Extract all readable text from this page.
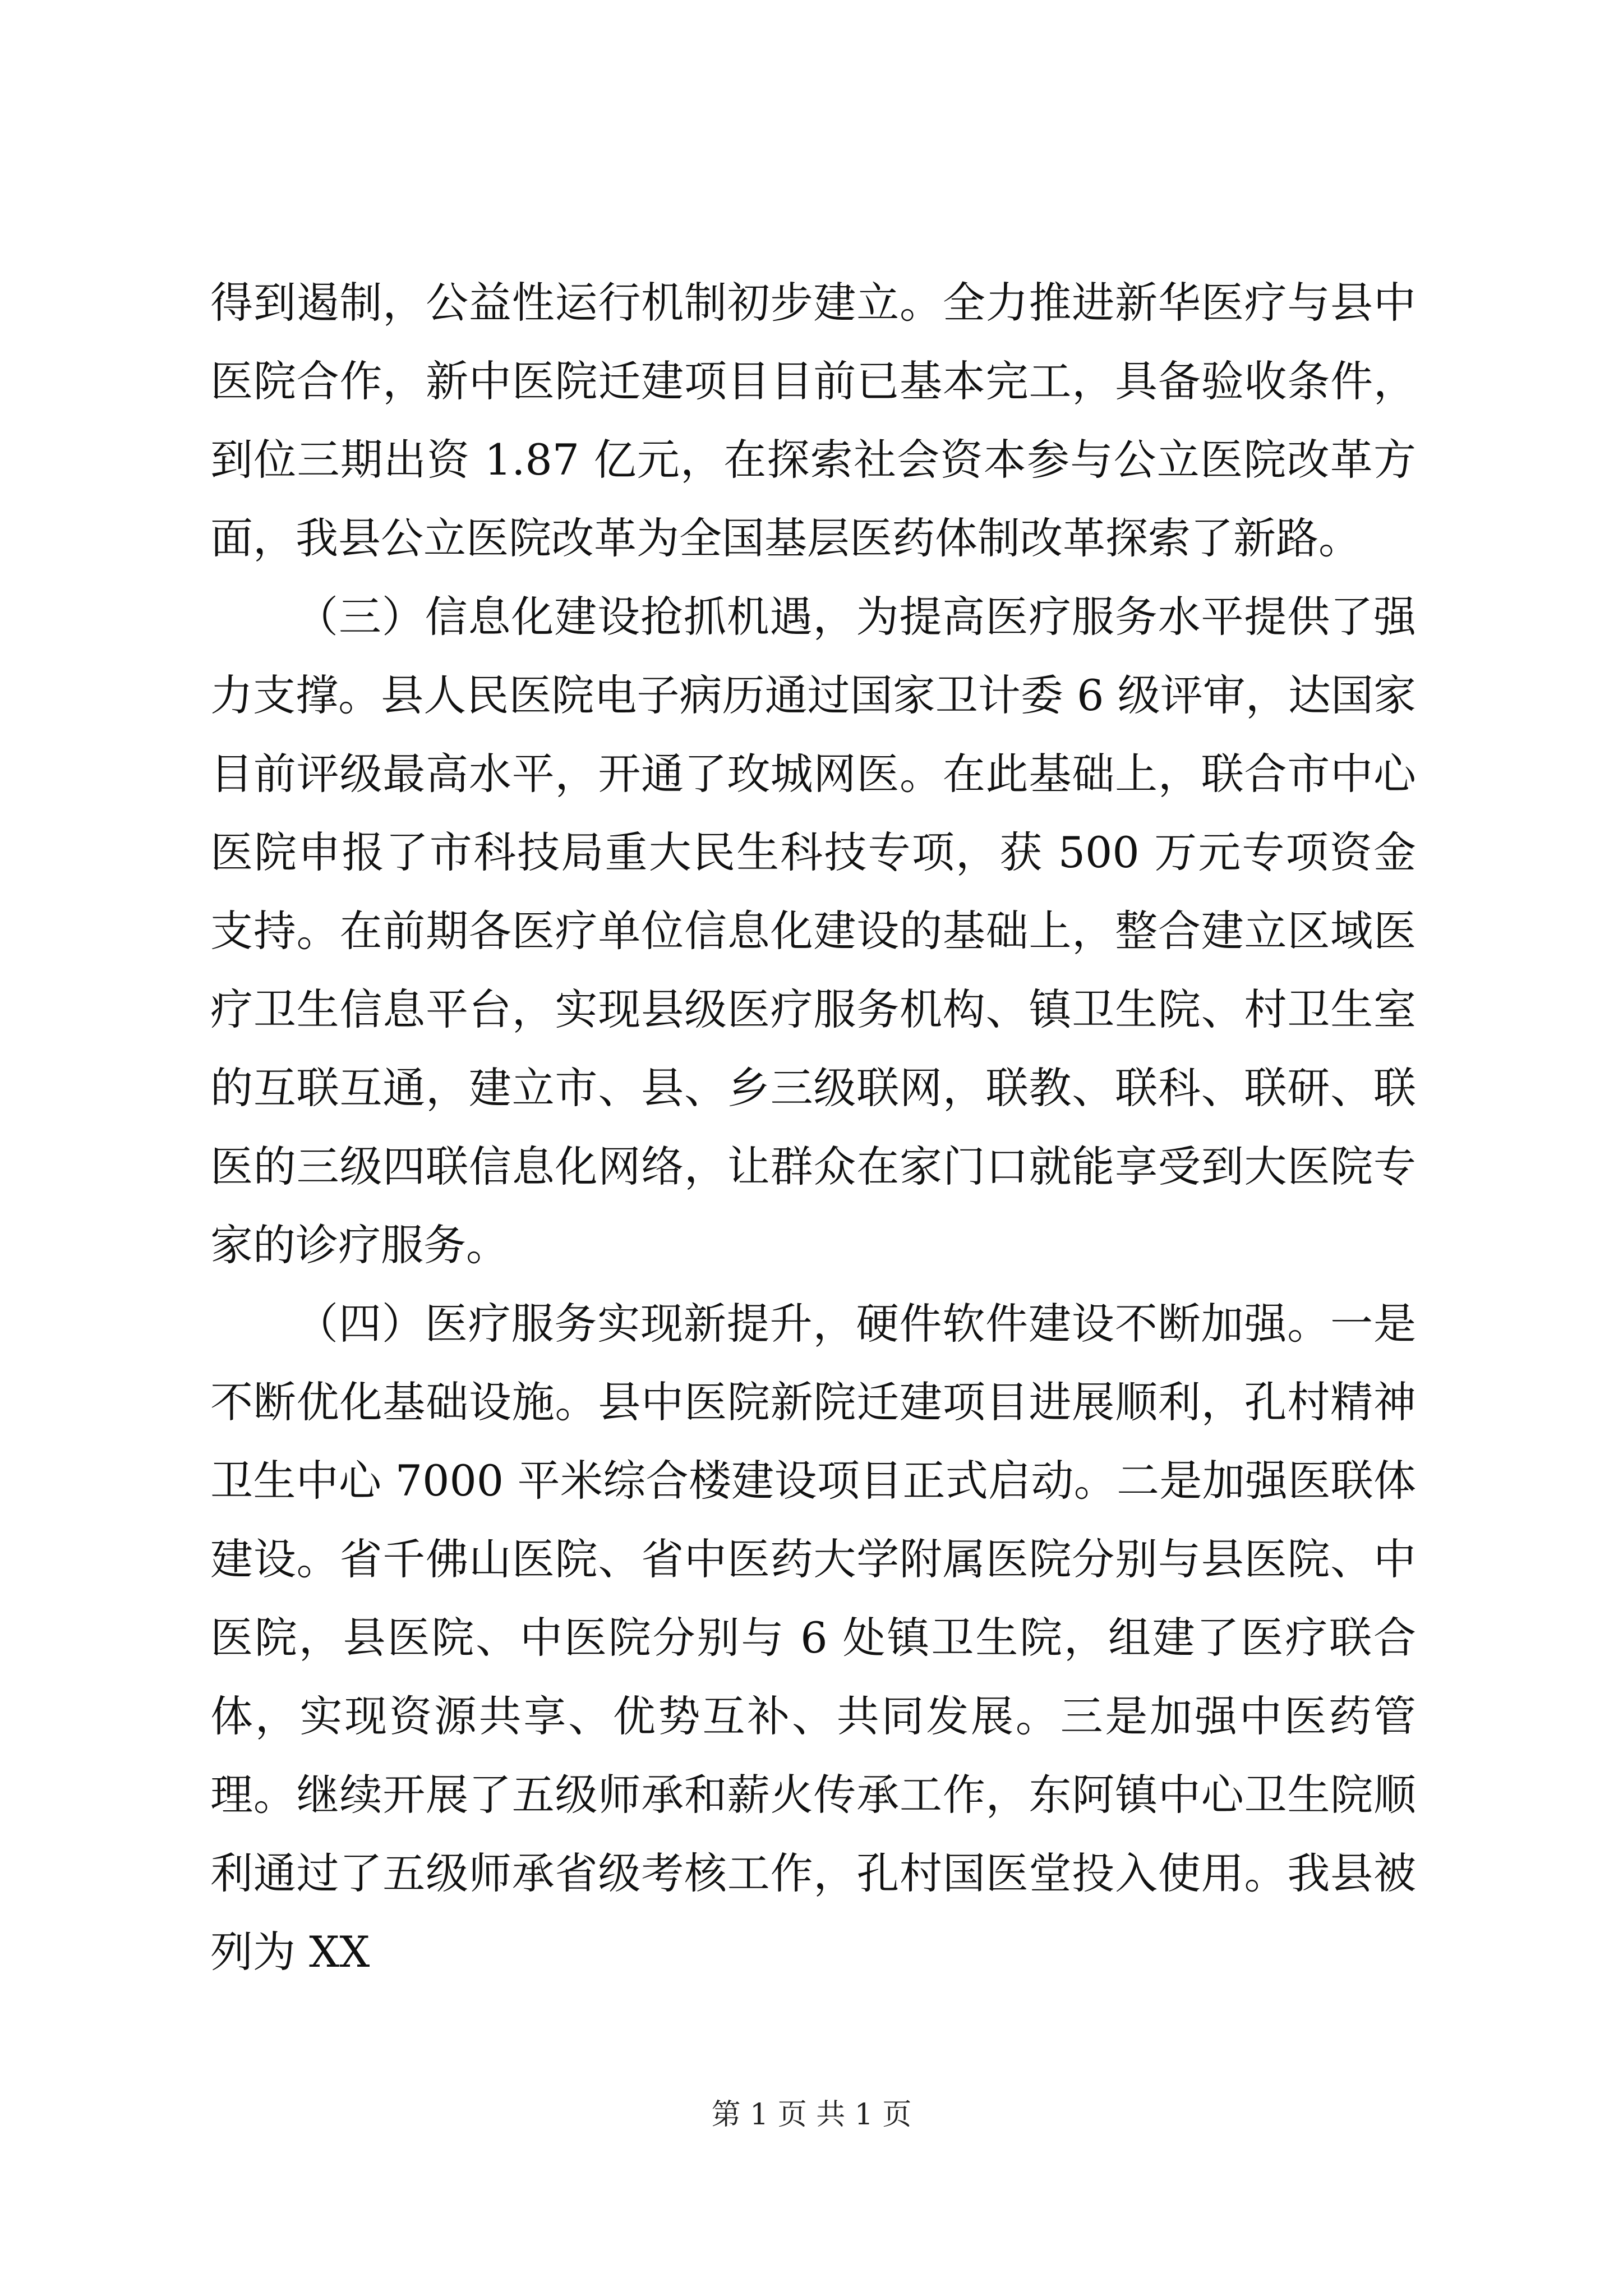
得到遏制，公益性运行机制初步建立。全力推进新华医疗与县中医院合作，新中医院迁建项目目前已基本完工，具备验收条件，到位三期出资 1.87 亿元，在探索社会资本参与公立医院改革方面，我县公立医院改革为全国基层医药体制改革探索了新路。

（三）信息化建设抢抓机遇，为提高医疗服务水平提供了强力支撑。县人民医院电子病历通过国家卫计委 6 级评审，达国家目前评级最高水平，开通了玫城网医。在此基础上，联合市中心医院申报了市科技局重大民生科技专项，获 500 万元专项资金支持。在前期各医疗单位信息化建设的基础上，整合建立区域医疗卫生信息平台，实现县级医疗服务机构、镇卫生院、村卫生室的互联互通，建立市、县、乡三级联网，联教、联科、联研、联医的三级四联信息化网络，让群众在家门口就能享受到大医院专家的诊疗服务。

（四）医疗服务实现新提升，硬件软件建设不断加强。一是不断优化基础设施。县中医院新院迁建项目进展顺利，孔村精神卫生中心 7000 平米综合楼建设项目正式启动。二是加强医联体建设。省千佛山医院、省中医药大学附属医院分别与县医院、中医院，县医院、中医院分别与 6 处镇卫生院，组建了医疗联合体，实现资源共享、优势互补、共同发展。三是加强中医药管理。继续开展了五级师承和薪火传承工作，东阿镇中心卫生院顺利通过了五级师承省级考核工作，孔村国医堂投入使用。我县被列为 XX

第 1 页 共 1 页
